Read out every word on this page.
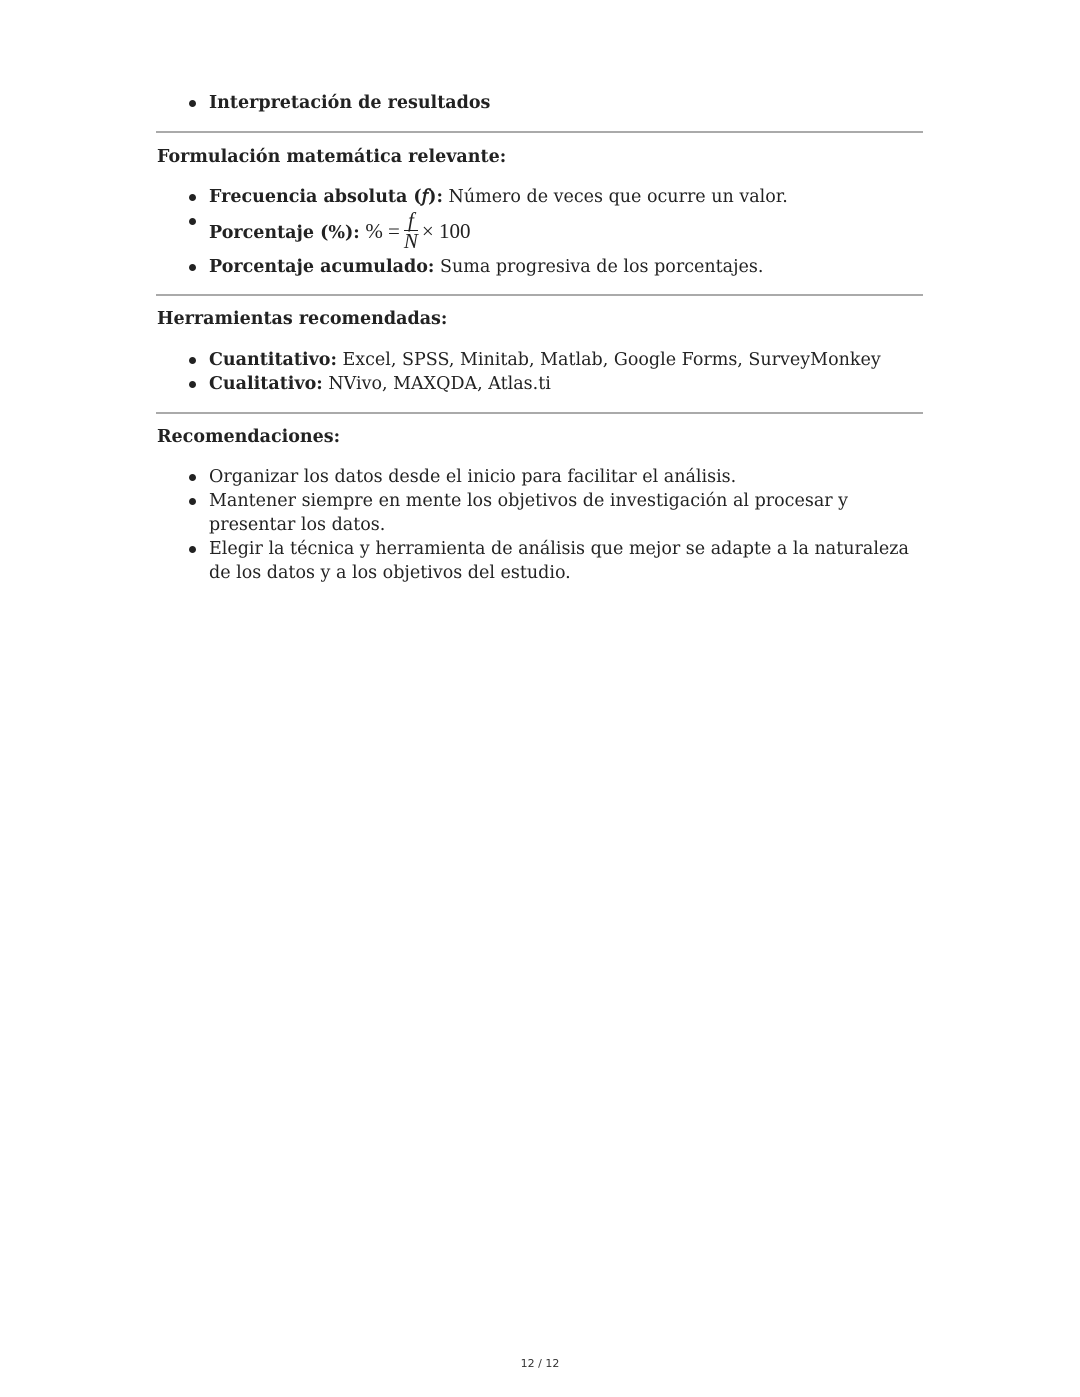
Interpretación de resultados
Formulación matemática relevante:
Frecuencia absoluta (𝑓): Número de veces que ocurre un valor.
Porcentaje (%): % = $\frac{f}{N} \times 100$
Porcentaje acumulado: Suma progresiva de los porcentajes.
Herramientas recomendadas:
Cuantitativo: Excel, SPSS, Minitab, Matlab, Google Forms, SurveyMonkey
Cualitativo: NVivo, MAXQDA, Atlas.ti
Recomendaciones:
Organizar los datos desde el inicio para facilitar el análisis.
Mantener siempre en mente los objetivos de investigación al procesar y presentar los datos.
Elegir la técnica y herramienta de análisis que mejor se adapte a la naturaleza de los datos y a los objetivos del estudio.
12 / 12
